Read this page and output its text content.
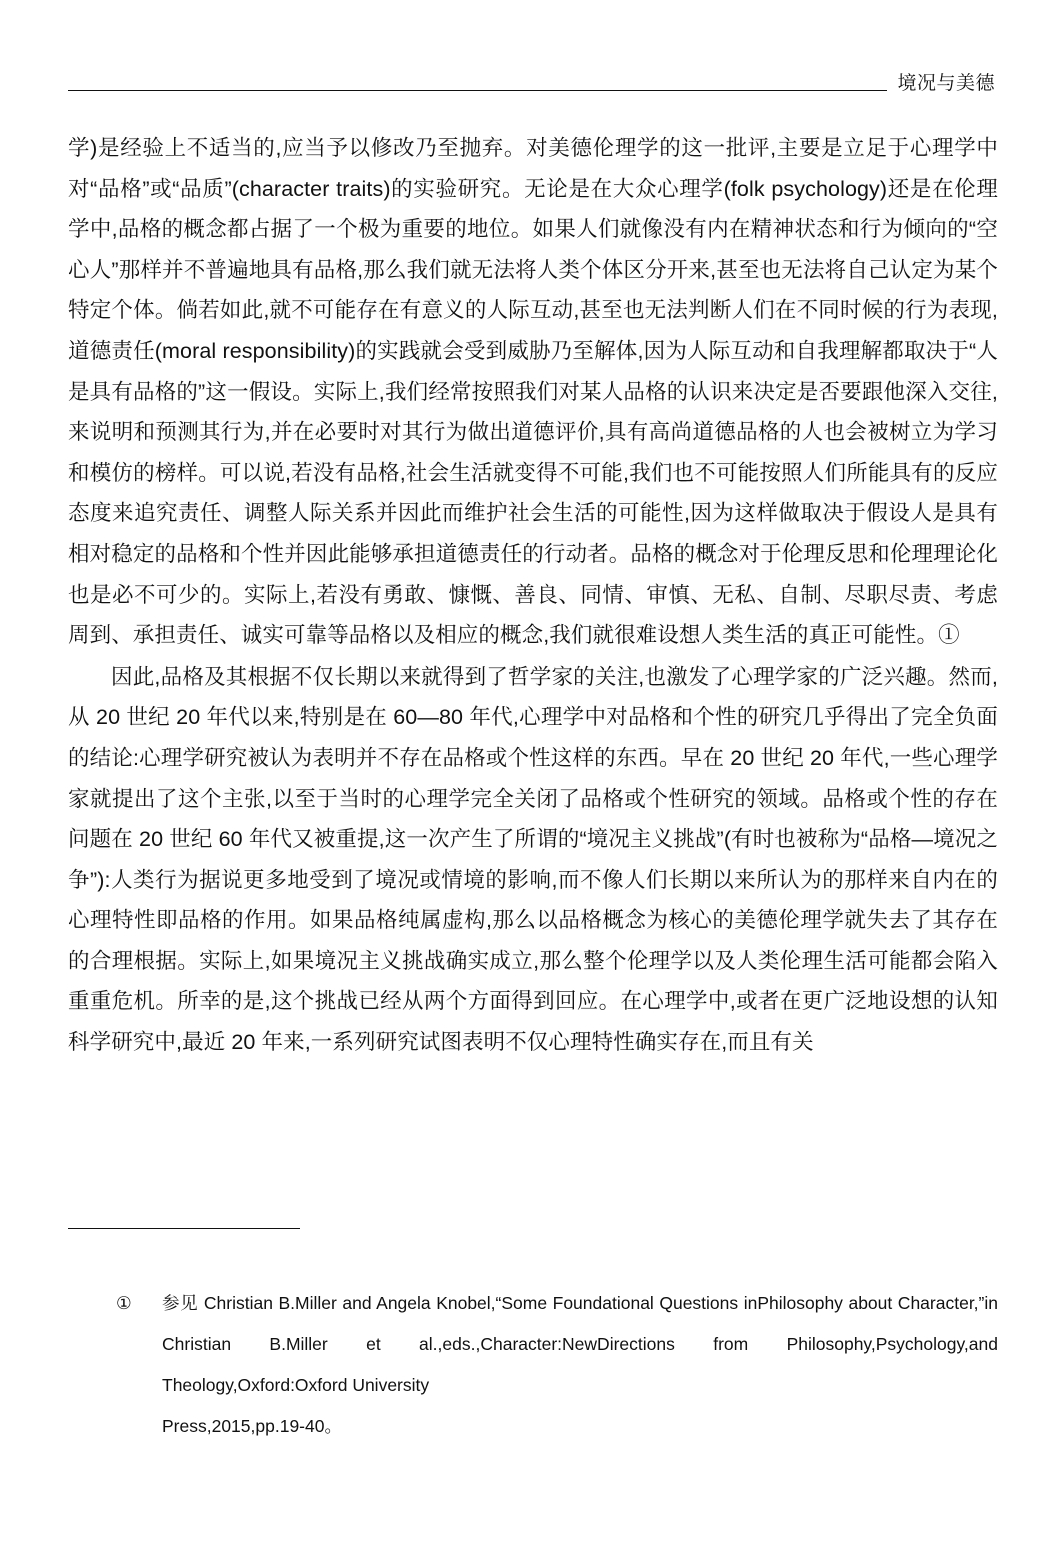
境况与美德

学)是经验上不适当的,应当予以修改乃至抛弃。对美德伦理学的这一批评,主要是立足于心理学中对“品格”或“品质”(character traits)的实验研究。无论是在大众心理学(folk psychology)还是在伦理学中,品格的概念都占据了一个极为重要的地位。如果人们就像没有内在精神状态和行为倾向的“空心人”那样并不普遍地具有品格,那么我们就无法将人类个体区分开来,甚至也无法将自己认定为某个特定个体。倘若如此,就不可能存在有意义的人际互动,甚至也无法判断人们在不同时候的行为表现,道德责任(moral responsibility)的实践就会受到威胁乃至解体,因为人际互动和自我理解都取决于“人是具有品格的”这一假设。实际上,我们经常按照我们对某人品格的认识来决定是否要跟他深入交往,来说明和预测其行为,并在必要时对其行为做出道德评价,具有高尚道德品格的人也会被树立为学习和模仿的榜样。可以说,若没有品格,社会生活就变得不可能,我们也不可能按照人们所能具有的反应态度来追究责任、调整人际关系并因此而维护社会生活的可能性,因为这样做取决于假设人是具有相对稳定的品格和个性并因此能够承担道德责任的行动者。品格的概念对于伦理反思和伦理理论化也是必不可少的。实际上,若没有勇敢、慷慨、善良、同情、审慎、无私、自制、尽职尽责、考虑周到、承担责任、诚实可靠等品格以及相应的概念,我们就很难设想人类生活的真正可能性。①

因此,品格及其根据不仅长期以来就得到了哲学家的关注,也激发了心理学家的广泛兴趣。然而,从 20 世纪 20 年代以来,特别是在 60—80 年代,心理学中对品格和个性的研究几乎得出了完全负面的结论:心理学研究被认为表明并不存在品格或个性这样的东西。早在 20 世纪 20 年代,一些心理学家就提出了这个主张,以至于当时的心理学完全关闭了品格或个性研究的领域。品格或个性的存在问题在 20 世纪 60 年代又被重提,这一次产生了所谓的“境况主义挑战”(有时也被称为“品格—境况之争”):人类行为据说更多地受到了境况或情境的影响,而不像人们长期以来所认为的那样来自内在的心理特性即品格的作用。如果品格纯属虚构,那么以品格概念为核心的美德伦理学就失去了其存在的合理根据。实际上,如果境况主义挑战确实成立,那么整个伦理学以及人类伦理生活可能都会陷入重重危机。所幸的是,这个挑战已经从两个方面得到回应。在心理学中,或者在更广泛地设想的认知科学研究中,最近 20 年来,一系列研究试图表明不仅心理特性确实存在,而且有关

①	参见 Christian B.Miller and Angela Knobel,“Some Foundational Questions inPhilosophy about Character,”in Christian B.Miller et al.,eds.,Character:NewDirections from Philosophy,Psychology,and Theology,Oxford:Oxford University
Press,2015,pp.19-40。
